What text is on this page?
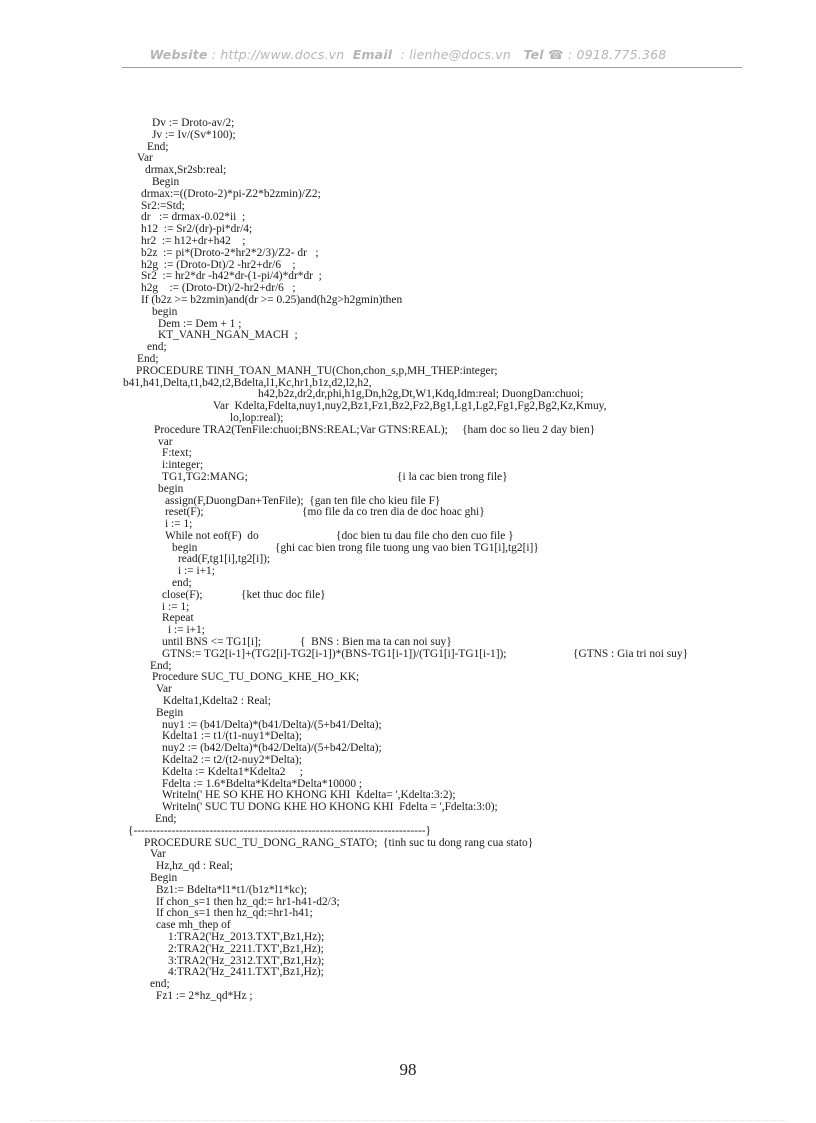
Website : http://www.docs.vn Email : lienhe@docs.vn Tel ☎ : 0918.775.368
Dv := Droto-av/2;
Jv := Iv/(Sv*100);
End;
Var
drmax,Sr2sb:real;
Begin
drmax:=((Droto-2)*pi-Z2*b2zmin)/Z2;
Sr2:=Std;
dr   := drmax-0.02*ii  ;
h12  := Sr2/(dr)-pi*dr/4;
hr2  := h12+dr+h42    ;
b2z  := pi*(Droto-2*hr2*2/3)/Z2- dr   ;
h2g  := (Droto-Dt)/2 -hr2+dr/6    ;
Sr2  := hr2*dr -h42*dr-(1-pi/4)*dr*dr  ;
h2g    := (Droto-Dt)/2-hr2+dr/6   ;
If (b2z >= b2zmin)and(dr >= 0.25)and(h2g>h2gmin)then
begin
Dem := Dem + 1 ;
KT_VANH_NGAN_MACH  ;
end;
End;
PROCEDURE TINH_TOAN_MANH_TU(Chon,chon_s,p,MH_THEP:integer;
b41,h41,Delta,t1,b42,t2,Bdelta,l1,Kc,hr1,b1z,d2,l2,h2,
h42,b2z,dr2,dr,phi,h1g,Dn,h2g,Dt,W1,Kdq,Idm:real; DuongDan:chuoi;
Var  Kdelta,Fdelta,nuy1,nuy2,Bz1,Fz1,Bz2,Fz2,Bg1,Lg1,Lg2,Fg1,Fg2,Bg2,Kz,Kmuy,
lo,lop:real);
Procedure TRA2(TenFile:chuoi;BNS:REAL;Var GTNS:REAL);     {ham doc so lieu 2 day bien}
var
F:text;
i:integer;
TG1,TG2:MANG;	{i la cac bien trong file}
begin
assign(F,DuongDan+TenFile);  {gan ten file cho kieu file F}
reset(F);	{mo file da co tren dia de doc hoac ghi}
i := 1;
While not eof(F)  do	{doc bien tu dau file cho den cuo file }
begin	{ghi cac bien trong file tuong ung vao bien TG1[i],tg2[i]}
read(F,tg1[i],tg2[i]);
i := i+1;
end;
close(F);	{ket thuc doc file}
i := 1;
Repeat
i := i+1;
until BNS <= TG1[i];	{  BNS : Bien ma ta can noi suy}
GTNS:= TG2[i-1]+(TG2[i]-TG2[i-1])*(BNS-TG1[i-1])/(TG1[i]-TG1[i-1]);	{GTNS : Gia tri noi suy}
End;
Procedure SUC_TU_DONG_KHE_HO_KK;
Var
Kdelta1,Kdelta2 : Real;
Begin
nuy1 := (b41/Delta)*(b41/Delta)/(5+b41/Delta);
Kdelta1 := t1/(t1-nuy1*Delta);
nuy2 := (b42/Delta)*(b42/Delta)/(5+b42/Delta);
Kdelta2 := t2/(t2-nuy2*Delta);
Kdelta := Kdelta1*Kdelta2     ;
Fdelta := 1.6*Bdelta*Kdelta*Delta*10000 ;
Writeln(' HE SO KHE HO KHONG KHI  Kdelta= ',Kdelta:3:2);
Writeln(' SUC TU DONG KHE HO KHONG KHI  Fdelta = ',Fdelta:3:0);
End;
{-----------------------------------------------------------------------------}
PROCEDURE SUC_TU_DONG_RANG_STATO;  {tinh suc tu dong rang cua stato}
Var
Hz,hz_qd : Real;
Begin
Bz1:= Bdelta*l1*t1/(b1z*l1*kc);
If chon_s=1 then hz_qd:= hr1-h41-d2/3;
If chon_s=1 then hz_qd:=hr1-h41;
case mh_thep of
1:TRA2('Hz_2013.TXT',Bz1,Hz);
2:TRA2('Hz_2211.TXT',Bz1,Hz);
3:TRA2('Hz_2312.TXT',Bz1,Hz);
4:TRA2('Hz_2411.TXT',Bz1,Hz);
end;
Fz1 := 2*hz_qd*Hz ;
98
